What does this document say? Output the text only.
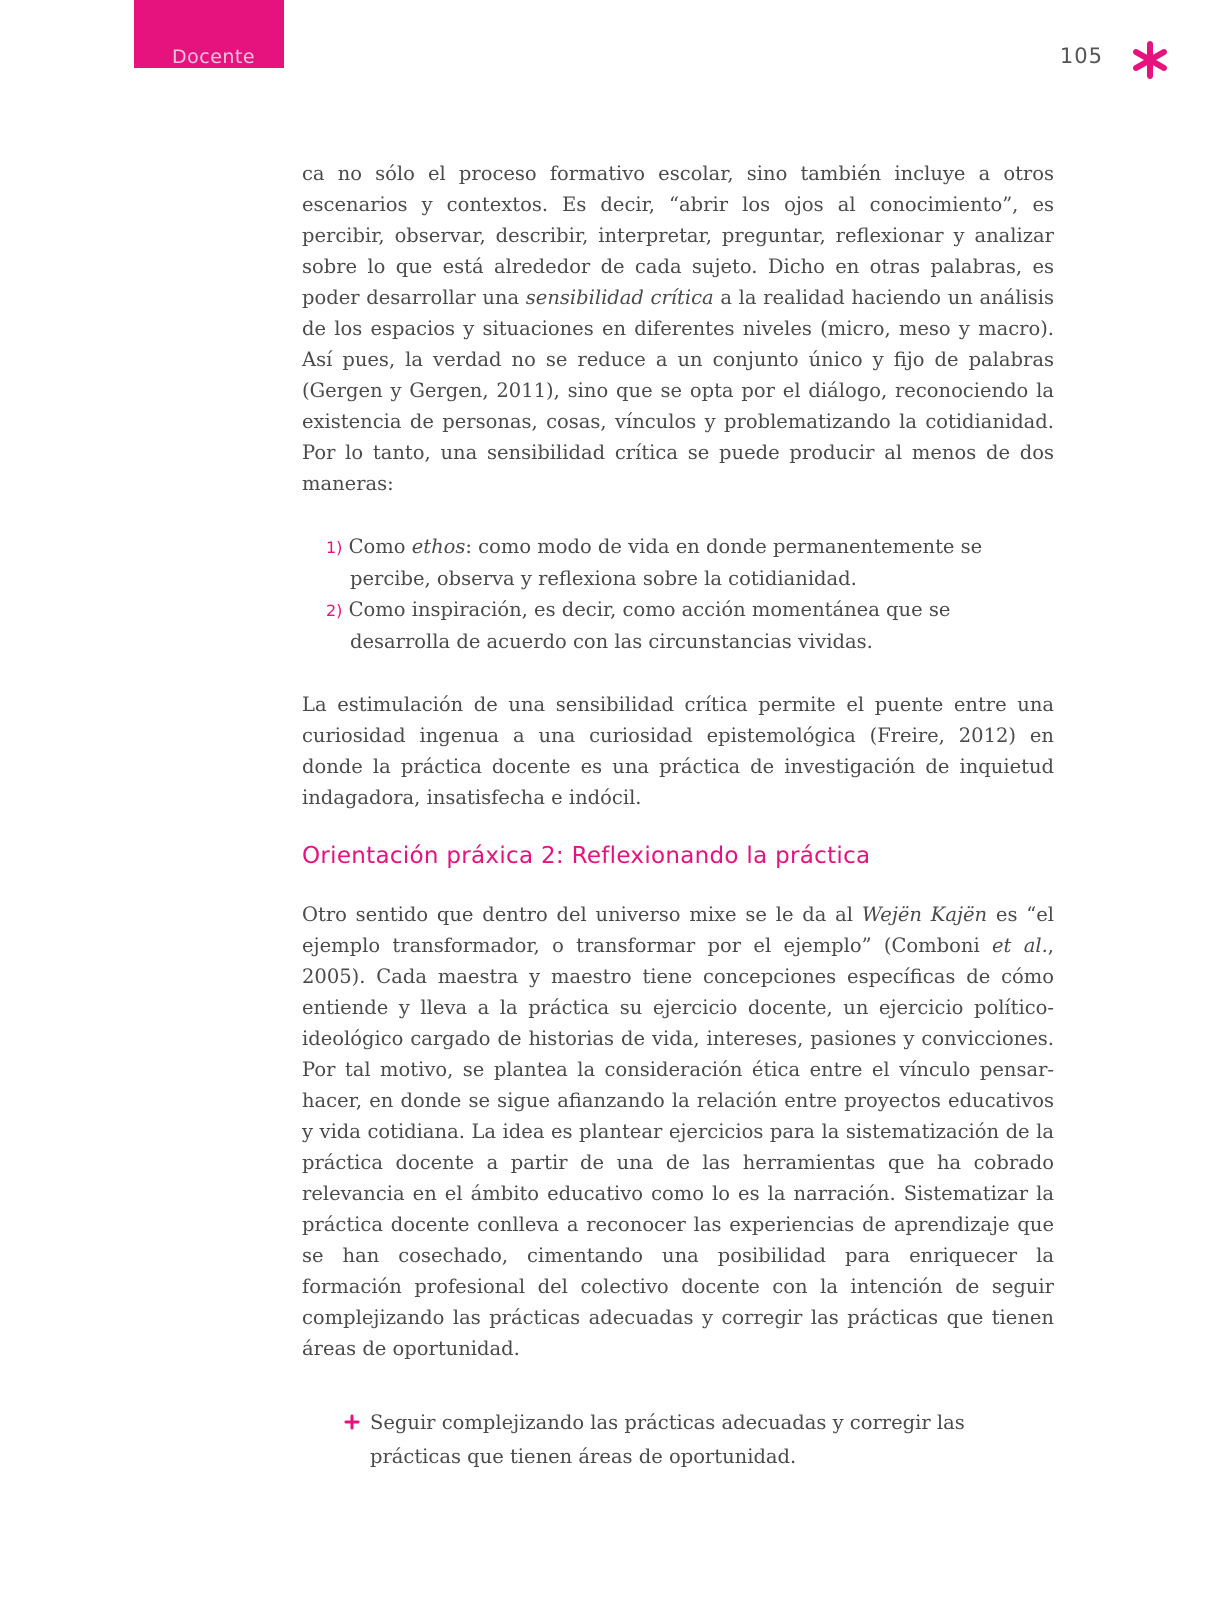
Docente	105

ca no sólo el proceso formativo escolar, sino también incluye a otros escenarios y contextos. Es decir, “abrir los ojos al conocimiento”, es percibir, observar, describir, interpretar, preguntar, reflexionar y analizar sobre lo que está alrededor de cada sujeto. Dicho en otras palabras, es poder desarrollar una sensibilidad crítica a la realidad haciendo un análisis de los espacios y situaciones en diferentes niveles (micro, meso y macro). Así pues, la verdad no se reduce a un conjunto único y fijo de palabras (Gergen y Gergen, 2011), sino que se opta por el diálogo, reconociendo la existencia de personas, cosas, vínculos y problematizando la cotidianidad. Por lo tanto, una sensibilidad crítica se puede producir al menos de dos maneras:

1) Como ethos: como modo de vida en donde permanentemente se percibe, observa y reflexiona sobre la cotidianidad.
2) Como inspiración, es decir, como acción momentánea que se desarrolla de acuerdo con las circunstancias vividas.

La estimulación de una sensibilidad crítica permite el puente entre una curiosidad ingenua a una curiosidad epistemológica (Freire, 2012) en donde la práctica docente es una práctica de investigación de inquietud indagadora, insatisfecha e indócil.

Orientación práxica 2: Reflexionando la práctica

Otro sentido que dentro del universo mixe se le da al Wejën Kajën es “el ejemplo transformador, o transformar por el ejemplo” (Comboni et al., 2005). Cada maestra y maestro tiene concepciones específicas de cómo entiende y lleva a la práctica su ejercicio docente, un ejercicio político-ideológico cargado de historias de vida, intereses, pasiones y convicciones. Por tal motivo, se plantea la consideración ética entre el vínculo pensar-hacer, en donde se sigue afianzando la relación entre proyectos educativos y vida cotidiana. La idea es plantear ejercicios para la sistematización de la práctica docente a partir de una de las herramientas que ha cobrado relevancia en el ámbito educativo como lo es la narración. Sistematizar la práctica docente conlleva a reconocer las experiencias de aprendizaje que se han cosechado, cimentando una posibilidad para enriquecer la formación profesional del colectivo docente con la intención de seguir complejizando las prácticas adecuadas y corregir las prácticas que tienen áreas de oportunidad.

Seguir complejizando las prácticas adecuadas y corregir las prácticas que tienen áreas de oportunidad.
